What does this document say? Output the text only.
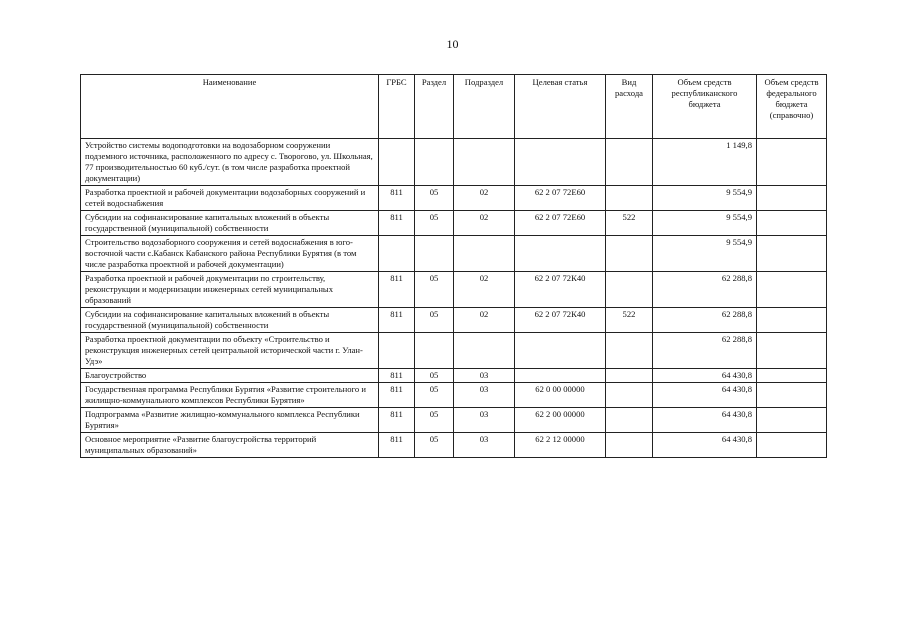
10
Наименование	ГРБС	Раздел	Подраздел	Целевая статья	Вид расхода	Объем средств республиканского бюджета	Объем средств федерального бюджета (справочно)
Устройство системы водоподготовки на водозаборном сооружении подземного источника, расположенного по адресу с. Творогово, ул. Школьная, 77 производительностью 60 куб./сут. (в том числе разработка проектной документации)						1 149,8	
Разработка проектной и рабочей документации водозаборных сооружений и сетей водоснабжения	811	05	02	62 2 07 72Е60		9 554,9	
Субсидии на софинансирование капитальных вложений в объекты государственной (муниципальной) собственности	811	05	02	62 2 07 72Е60	522	9 554,9	
Строительство водозаборного сооружения и сетей водоснабжения в юго-восточной части с.Кабанск Кабанского района Республики Бурятия (в том числе разработка проектной и рабочей документации)						9 554,9	
Разработка проектной и рабочей документации по строительству, реконструкции и модернизации инженерных сетей муниципальных образований	811	05	02	62 2 07 72К40		62 288,8	
Субсидии на софинансирование капитальных вложений в объекты государственной (муниципальной) собственности	811	05	02	62 2 07 72К40	522	62 288,8	
Разработка проектной документации по объекту «Строительство и реконструкция инженерных сетей центральной исторической части г. Улан-Удэ»						62 288,8	
Благоустройство	811	05	03			64 430,8	
Государственная программа Республики Бурятия «Развитие строительного и жилищно-коммунального комплексов Республики Бурятия»	811	05	03	62 0 00 00000		64 430,8	
Подпрограмма «Развитие жилищно-коммунального комплекса Республики Бурятия»	811	05	03	62 2 00 00000		64 430,8	
Основное мероприятие «Развитие благоустройства территорий муниципальных образований»	811	05	03	62 2 12 00000		64 430,8	
